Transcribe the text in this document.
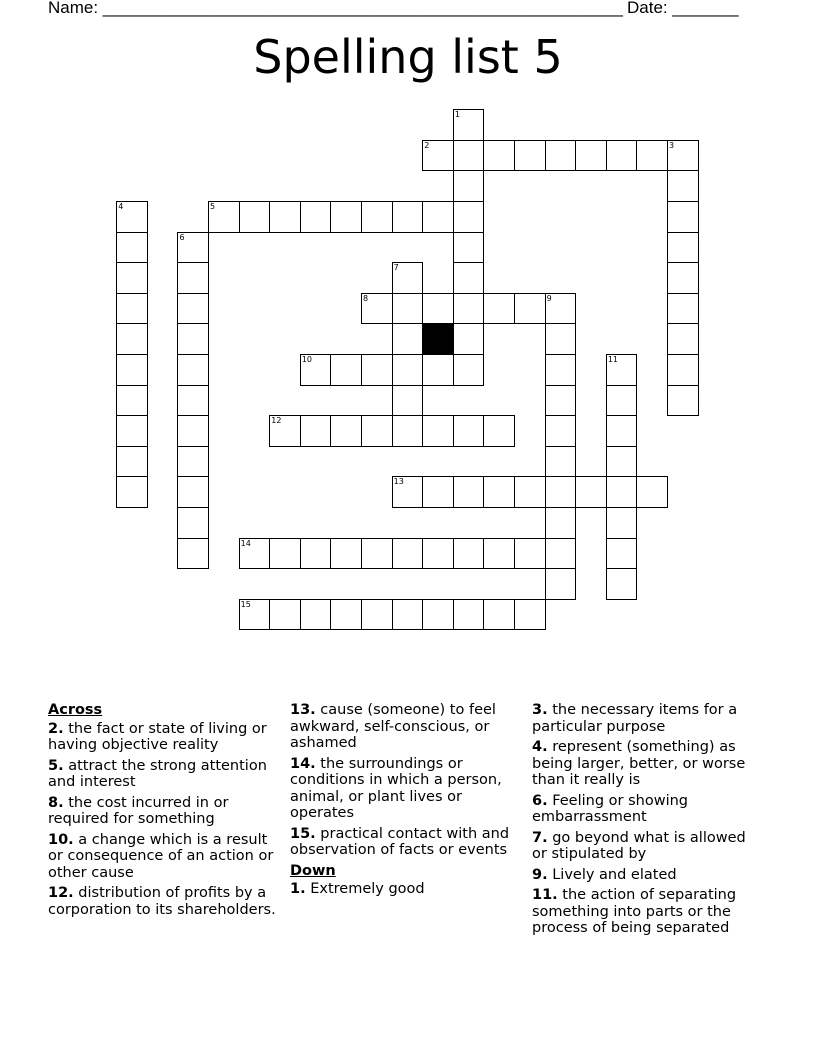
Name: _______________________________________________________ Date: _______
Spelling list 5
1
2	3
4	5
6
7
8	9
10	11
12
13
14
15
Across
2. the fact or state of living or having objective reality
5. attract the strong attention and interest
8. the cost incurred in or required for something
10. a change which is a result or consequence of an action or other cause
12. distribution of profits by a corporation to its shareholders.
13. cause (someone) to feel awkward, self-conscious, or ashamed
14. the surroundings or conditions in which a person, animal, or plant lives or operates
15. practical contact with and observation of facts or events
Down
1. Extremely good
3. the necessary items for a particular purpose
4. represent (something) as being larger, better, or worse than it really is
6. Feeling or showing embarrassment
7. go beyond what is allowed or stipulated by
9. Lively and elated
11. the action of separating something into parts or the process of being separated
